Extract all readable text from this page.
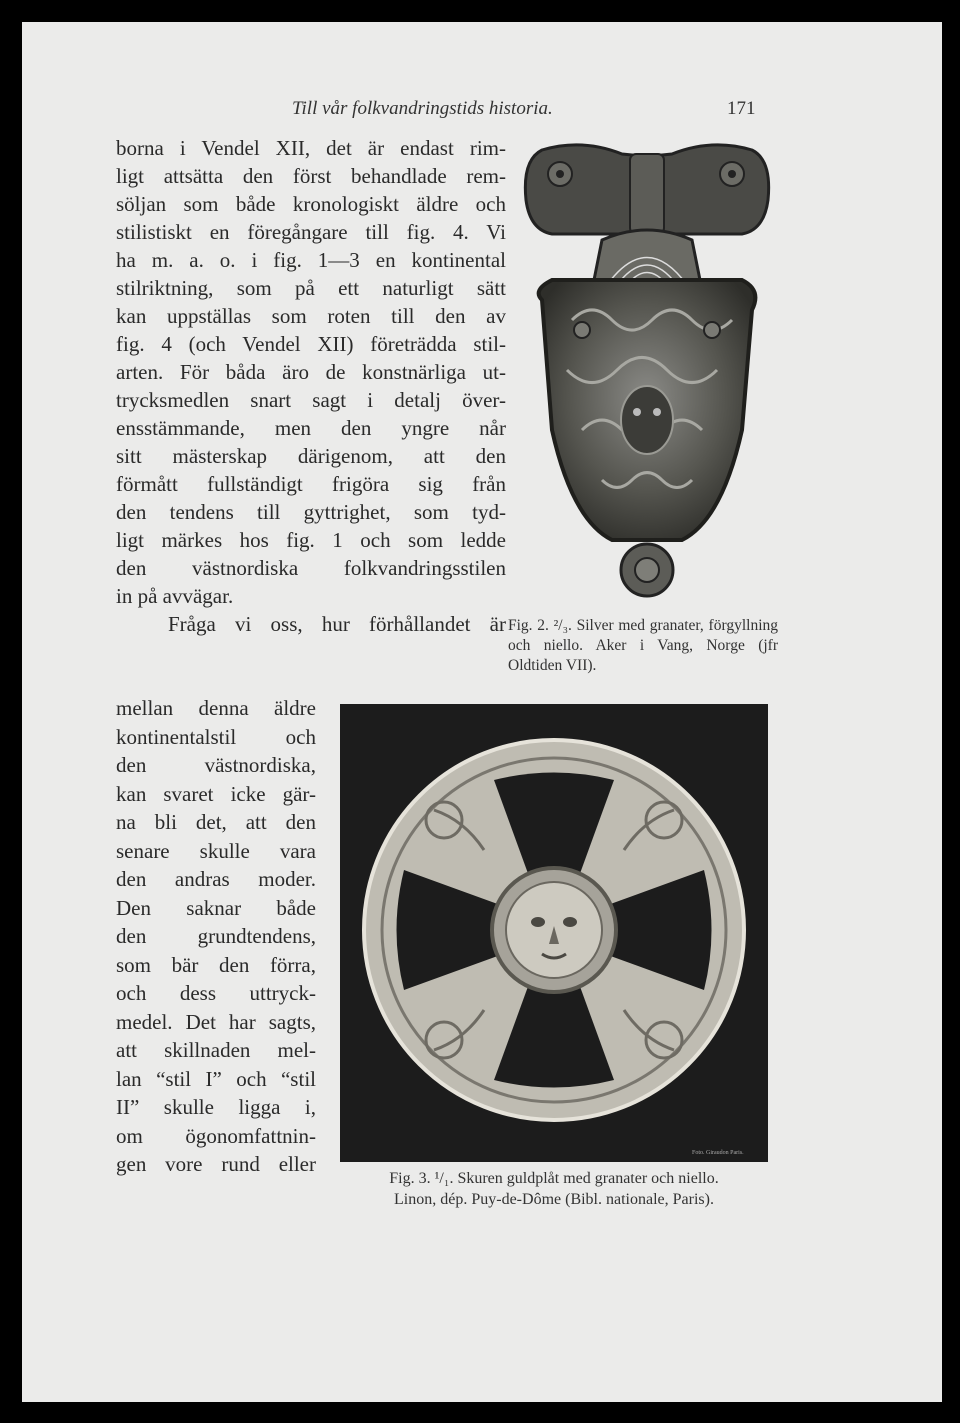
Till vår folkvandringstids historia.	171
borna i Vendel XII, det är endast rim-
ligt attsätta den först behandlade rem-
söljan som både kronologiskt äldre och
stilistiskt en föregångare till fig. 4. Vi
ha m. a. o. i fig. 1—3 en kontinental
stilriktning, som på ett naturligt sätt
kan uppställas som roten till den av
fig. 4 (och Vendel XII) företrädda stil-
arten. För båda äro de konstnärliga ut-
trycksmedlen snart sagt i detalj över-
ensstämmande, men den yngre når
sitt mästerskap därigenom, att den
förmått fullständigt frigöra sig från
den tendens till gyttrighet, som tyd-
ligt märkes hos fig. 1 och som ledde
den västnordiska folkvandringsstilen
in på avvägar.
Fråga vi oss, hur förhållandet är
mellan denna äldre
kontinentalstil och
den västnordiska,
kan svaret icke gär-
na bli det, att den
senare skulle vara
den andras moder.
Den saknar både
den grundtendens,
som bär den förra,
och dess uttryck-
medel. Det har sagts,
att skillnaden mel-
lan “stil I” och “stil
II” skulle ligga i,
om ögonomfattnin-
gen vore rund eller
Fig. 2. ²/₃. Silver med granater, förgyllning och niello. Aker i Vang, Norge (jfr Oldtiden VII).
Foto. Giraudon Paris.
Fig. 3. ¹/₁. Skuren guldplåt med granater och niello.
Linon, dép. Puy-de-Dôme (Bibl. nationale, Paris).
